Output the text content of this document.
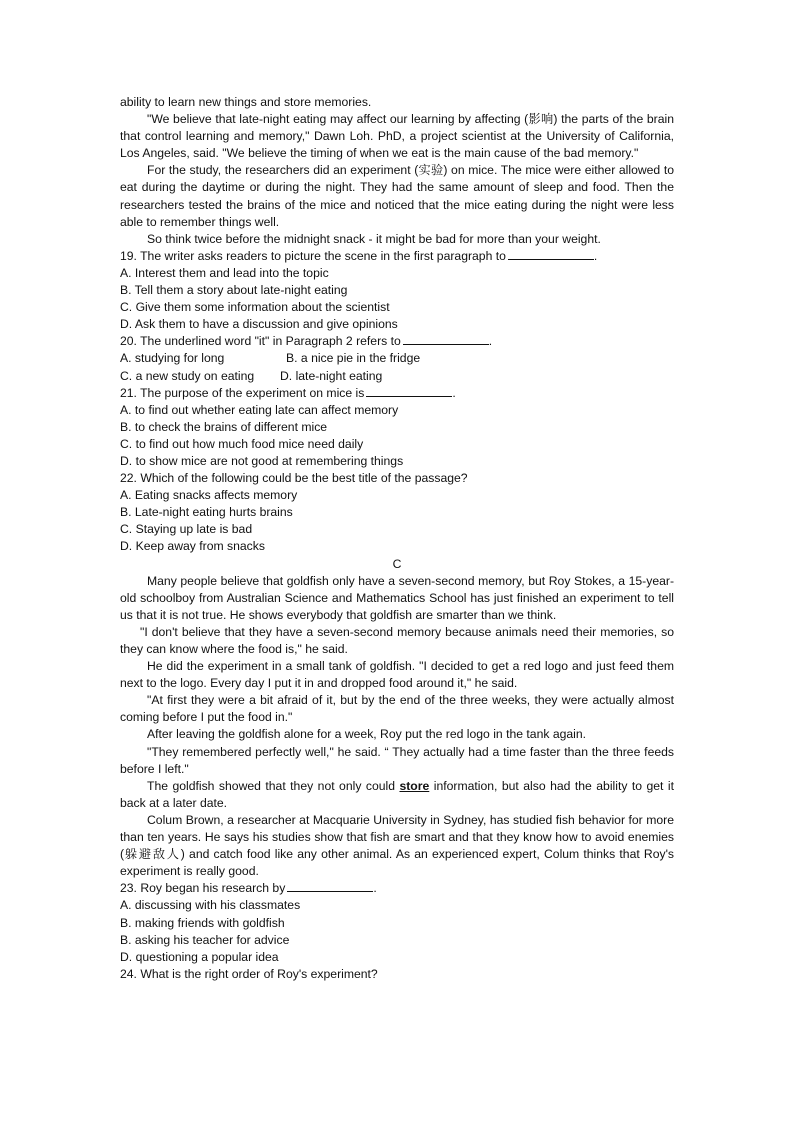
ability to learn new things and store memories.

"We believe that late-night eating may affect our learning by affecting (影响) the parts of the brain that control learning and memory," Dawn Loh. PhD, a project scientist at the University of California, Los Angeles, said. "We believe the timing of when we eat is the main cause of the bad memory."

For the study, the researchers did an experiment (实验) on mice. The mice were either allowed to eat during the daytime or during the night. They had the same amount of sleep and food. Then the researchers tested the brains of the mice and noticed that the mice eating during the night were less able to remember things well.

So think twice before the midnight snack - it might be bad for more than your weight.

19. The writer asks readers to picture the scene in the first paragraph to	.

A. Interest them and lead into the topic

B. Tell them a story about late-night eating

C. Give them some information about the scientist

D. Ask them to have a discussion and give opinions

20. The underlined word "it" in Paragraph 2 refers to	.

A. studying for long	B. a nice pie in the fridge
C. a new study on eating	D. late-night eating

21. The purpose of the experiment on mice is	.

A. to find out whether eating late can affect memory

B. to check the brains of different mice

C. to find out how much food mice need daily

D. to show mice are not good at remembering things

22. Which of the following could be the best title of the passage?

A. Eating snacks affects memory

B. Late-night eating hurts brains

C. Staying up late is bad

D. Keep away from snacks

C

Many people believe that goldfish only have a seven-second memory, but Roy Stokes, a 15-year-old schoolboy from Australian Science and Mathematics School has just finished an experiment to tell us that it is not true. He shows everybody that goldfish are smarter than we think.

"I don't believe that they have a seven-second memory because animals need their memories, so they can know where the food is," he said.

He did the experiment in a small tank of goldfish. "I decided to get a red logo and just feed them next to the logo. Every day I put it in and dropped food around it," he said.

"At first they were a bit afraid of it, but by the end of the three weeks, they were actually almost coming before I put the food in."

After leaving the goldfish alone for a week, Roy put the red logo in the tank again.

"They remembered perfectly well," he said. “ They actually had a time faster than the three feeds before I left."

The goldfish showed that they not only could store information, but also had the ability to get it back at a later date.

Colum Brown, a researcher at Macquarie University in Sydney, has studied fish behavior for more than ten years. He says his studies show that fish are smart and that they know how to avoid enemies (躲避敌人) and catch food like any other animal. As an experienced expert, Colum thinks that Roy's experiment is really good.

23. Roy began his research by	.

A. discussing with his classmates

B. making friends with goldfish

B. asking his teacher for advice

D. questioning a popular idea

24. What is the right order of Roy's experiment?
